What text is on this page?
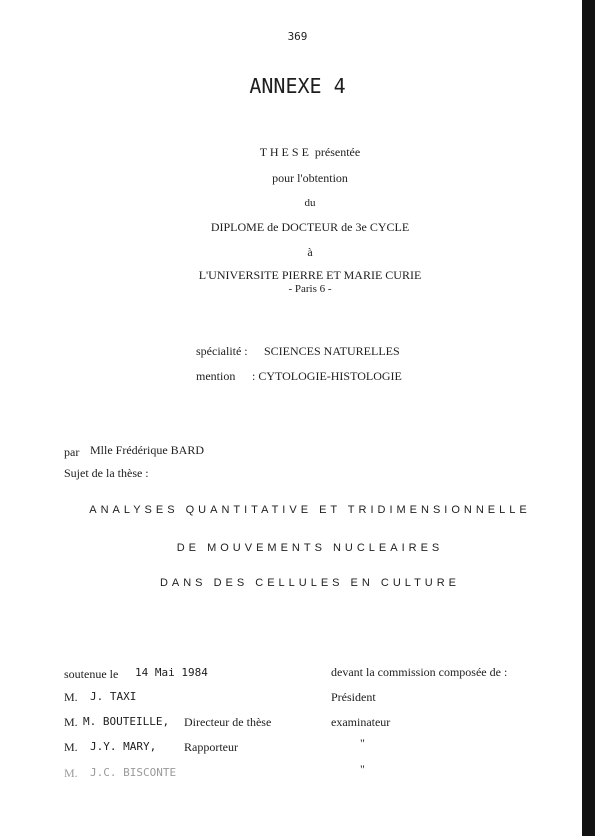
369
ANNEXE 4
T H E S E  présentée
pour l'obtention
du
DIPLOME de DOCTEUR de 3e CYCLE
à
L'UNIVERSITE PIERRE ET MARIE CURIE
- Paris 6 -
spécialité : SCIENCES NATURELLES
mention : CYTOLOGIE-HISTOLOGIE
par Mlle Frédérique BARD
Sujet de la thèse :
ANALYSES QUANTITATIVE ET TRIDIMENSIONNELLE
DE MOUVEMENTS NUCLEAIRES
DANS DES CELLULES EN CULTURE
soutenue le 14 Mai 1984	devant la commission composée de :
M. J. TAXI	Président
M. M. BOUTEILLE, Directeur de thèse	examinateur
M. J.Y. MARY, Rapporteur	"
M. J.C. BISCONTE	"
